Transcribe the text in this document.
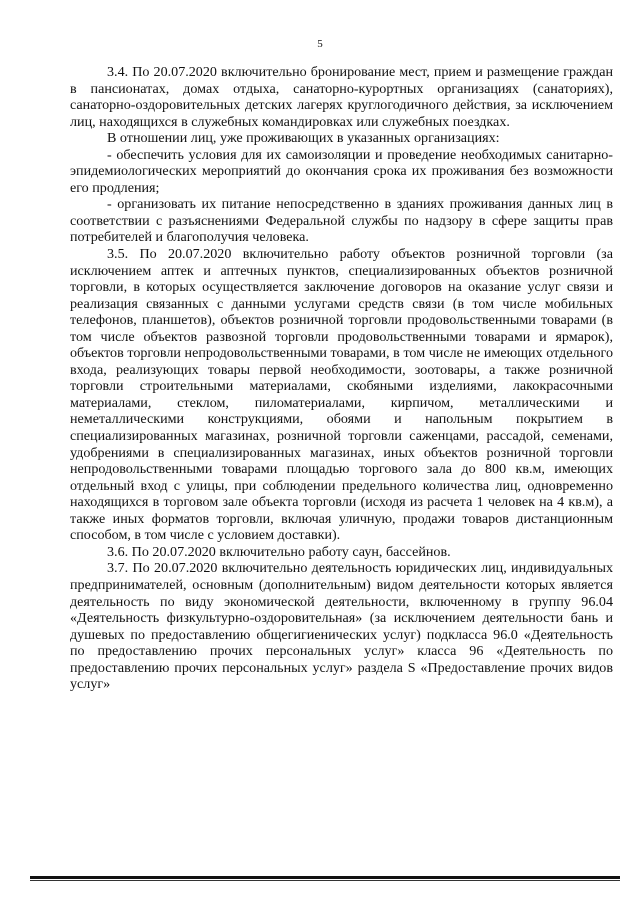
5

3.4. По 20.07.2020 включительно бронирование мест, прием и размещение граждан в пансионатах, домах отдыха, санаторно-курортных организациях (санаториях), санаторно-оздоровительных детских лагерях круглогодичного действия, за исключением лиц, находящихся в служебных командировках или служебных поездках.

В отношении лиц, уже проживающих в указанных организациях:

- обеспечить условия для их самоизоляции и проведение необходимых санитарно-эпидемиологических мероприятий до окончания срока их проживания без возможности его продления;

- организовать их питание непосредственно в зданиях проживания данных лиц в соответствии с разъяснениями Федеральной службы по надзору в сфере защиты прав потребителей и благополучия человека.

3.5. По 20.07.2020 включительно работу объектов розничной торговли (за исключением аптек и аптечных пунктов, специализированных объектов розничной торговли, в которых осуществляется заключение договоров на оказание услуг связи и реализация связанных с данными услугами средств связи (в том числе мобильных телефонов, планшетов), объектов розничной торговли продовольственными товарами (в том числе объектов развозной торговли продовольственными товарами и ярмарок), объектов торговли непродовольственными товарами, в том числе не имеющих отдельного входа, реализующих товары первой необходимости, зоотовары, а также розничной торговли строительными материалами, скобяными изделиями, лакокрасочными материалами, стеклом, пиломатериалами, кирпичом, металлическими и неметаллическими конструкциями, обоями и напольным покрытием в специализированных магазинах, розничной торговли саженцами, рассадой, семенами, удобрениями в специализированных магазинах, иных объектов розничной торговли непродовольственными товарами площадью торгового зала до 800 кв.м, имеющих отдельный вход с улицы, при соблюдении предельного количества лиц, одновременно находящихся в торговом зале объекта торговли (исходя из расчета 1 человек на 4 кв.м), а также иных форматов торговли, включая уличную, продажи товаров дистанционным способом, в том числе с условием доставки).

3.6. По 20.07.2020 включительно работу саун, бассейнов.

3.7. По 20.07.2020 включительно деятельность юридических лиц, индивидуальных предпринимателей, основным (дополнительным) видом деятельности которых является деятельность по виду экономической деятельности, включенному в группу 96.04 «Деятельность физкультурно-оздоровительная» (за исключением деятельности бань и душевых по предоставлению общегигиенических услуг) подкласса 96.0 «Деятельность по предоставлению прочих персональных услуг» класса 96 «Деятельность по предоставлению прочих персональных услуг» раздела S «Предоставление прочих видов услуг»
